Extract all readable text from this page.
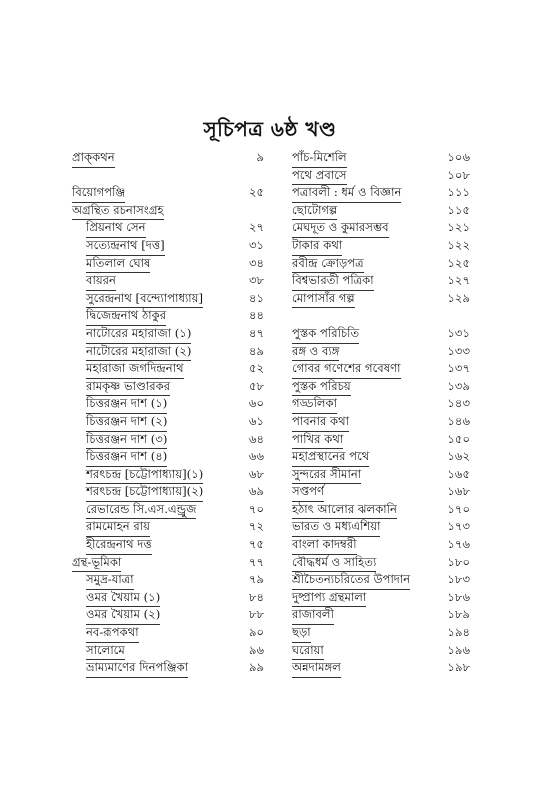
সূচিপত্র ৬ষ্ঠ খণ্ড
প্রাক্‌কথন	৯
বিয়োগপঞ্জি	২৫
অগ্রন্থিত রচনাসংগ্রহ
প্রিয়নাথ সেন	২৭
সত্যেন্দ্রনাথ [দত্ত]	৩১
মতিলাল ঘোষ	৩৪
বায়রন	৩৮
সুরেন্দ্রনাথ [বন্দ্যোপাধ্যায়]	৪১
দ্বিজেন্দ্রনাথ ঠাকুর	৪৪
নাটোরের মহারাজা (১)	৪৭
নাটোরের মহারাজা (২)	৪৯
মহারাজা জগদিন্দ্রনাথ	৫২
রামকৃষ্ণ ভাণ্ডারকর	৫৮
চিত্তরঞ্জন দাশ (১)	৬০
চিত্তরঞ্জন দাশ (২)	৬১
চিত্তরঞ্জন দাশ (৩)	৬৪
চিত্তরঞ্জন দাশ (৪)	৬৬
শরৎচন্দ্র [চট্টোপাধ্যায়](১)	৬৮
শরৎচন্দ্র [চট্টোপাধ্যায়](২)	৬৯
রেভারেন্ড সি.এস.এন্ড্রুজ	৭০
রামমোহন রায়	৭২
হীরেন্দ্রনাথ দত্ত	৭৫
গ্রন্থ-ভূমিকা	৭৭
সমুদ্র-যাত্রা	৭৯
ওমর খৈয়াম (১)	৮৪
ওমর খৈয়াম (২)	৮৮
নব-রূপকথা	৯০
সালোমে	৯৬
ভ্রাম্যমাণের দিনপঞ্জিকা	৯৯
পাঁচ-মিশেলি	১০৬
পথে প্রবাসে	১০৮
পত্রাবলী : ধর্ম ও বিজ্ঞান	১১১
ছোটোগল্প	১১৫
মেঘদূত ও কুমারসম্ভব	১২১
টাকার কথা	১২২
রবীন্দ্র ক্রোড়পত্র	১২৫
বিশ্বভারতী পত্রিকা	১২৭
মোপাসাঁর গল্প	১২৯
পুস্তক পরিচিতি	১৩১
রঙ্গ ও ব্যঙ্গ	১৩৩
গোবর গণেশের গবেষণা	১৩৭
পুস্তক পরিচয়	১৩৯
গড্ডলিকা	১৪৩
পাবনার কথা	১৪৬
পাখির কথা	১৫০
মহাপ্রস্থানের পথে	১৬২
সুন্দরের সীমানা	১৬৫
সপ্তপর্ণ	১৬৮
হঠাৎ আলোর ঝলকানি	১৭০
ভারত ও মধ্যএশিয়া	১৭৩
বাংলা কাদম্বরী	১৭৬
বৌদ্ধধর্ম ও সাহিত্য	১৮০
শ্রীচৈতন্যচরিতের উপাদান	১৮৩
দুষ্প্রাপ্য গ্রন্থমালা	১৮৬
রাজাবলী	১৮৯
ছড়া	১৯৪
ঘরোয়া	১৯৬
অন্নদামঙ্গল	১৯৮
